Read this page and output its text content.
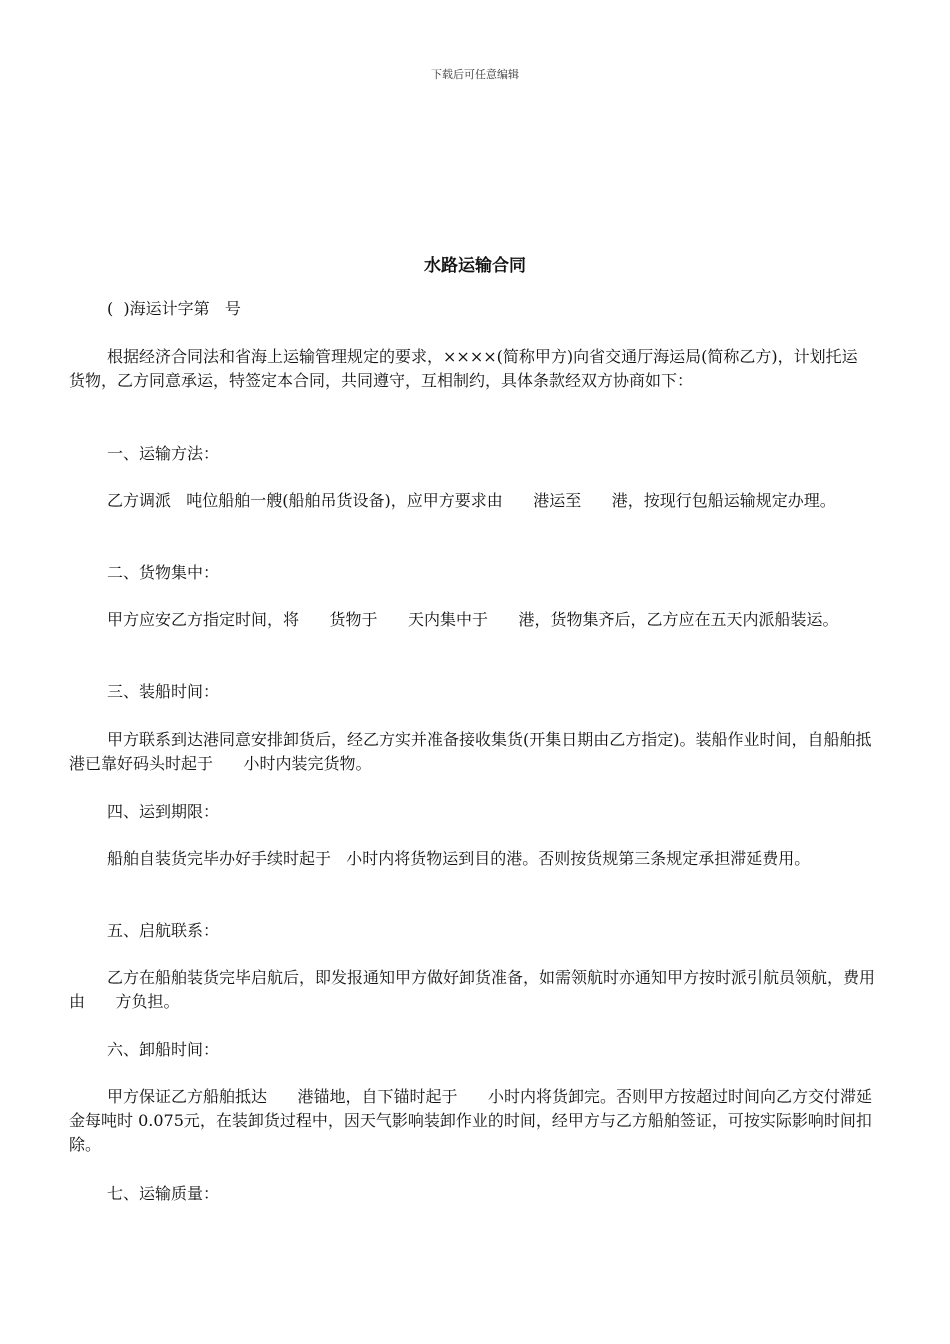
下载后可任意编辑
水路运输合同

(  )海运计字第   号

根据经济合同法和省海上运输管理规定的要求，××××(简称甲方)向省交通厅海运局(简称乙方)，计划托运       货物，乙方同意承运，特签定本合同，共同遵守，互相制约，具体条款经双方协商如下：

一、运输方法：

乙方调派   吨位船舶一艘(船舶吊货设备)，应甲方要求由      港运至      港，按现行包船运输规定办理。

二、货物集中：

甲方应安乙方指定时间，将      货物于      天内集中于      港，货物集齐后，乙方应在五天内派船装运。

三、装船时间：

甲方联系到达港同意安排卸货后，经乙方实并准备接收集货(开集日期由乙方指定)。装船作业时间，自船舶抵港已靠好码头时起于      小时内装完货物。

四、运到期限：

船舶自装货完毕办好手续时起于   小时内将货物运到目的港。否则按货规第三条规定承担滞延费用。

五、启航联系：

乙方在船舶装货完毕启航后，即发报通知甲方做好卸货准备，如需领航时亦通知甲方按时派引航员领航，费用由      方负担。

六、卸船时间：

甲方保证乙方船舶抵达      港锚地，自下锚时起于      小时内将货卸完。否则甲方按超过时间向乙方交付滞延金每吨时 0.075元，在装卸货过程中，因天气影响装卸作业的时间，经甲方与乙方船舶签证，可按实际影响时间扣除。

七、运输质量：
